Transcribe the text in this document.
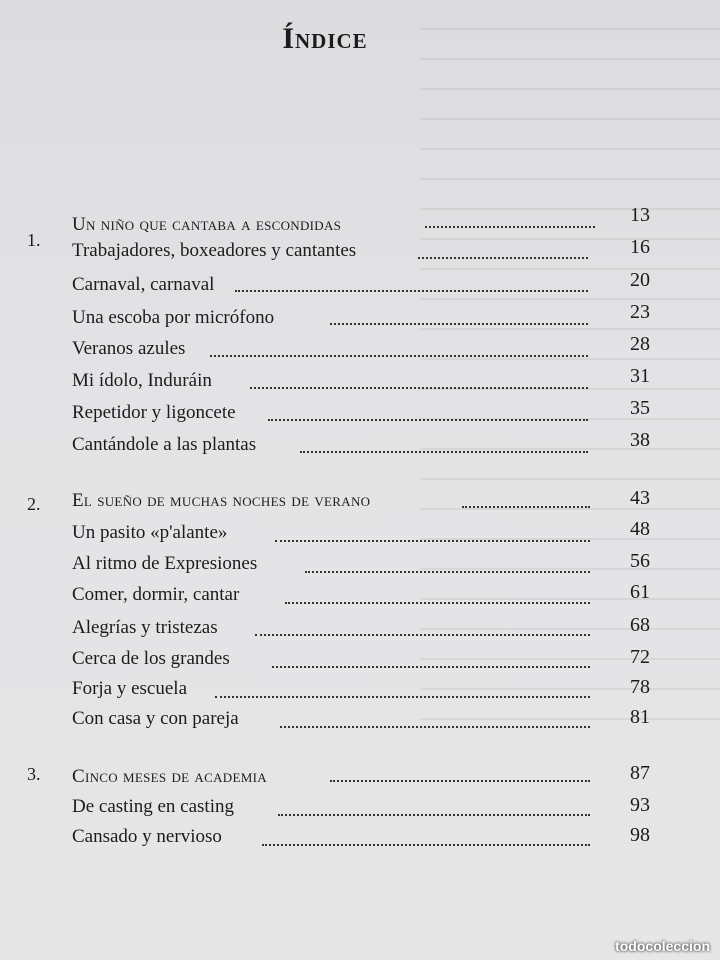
Índice
1.
Un niño que cantaba a escondidas	13
Trabajadores, boxeadores y cantantes	16
Carnaval, carnaval	20
Una escoba por micrófono	23
Veranos azules	28
Mi ídolo, Induráin	31
Repetidor y ligoncete	35
Cantándole a las plantas	38
2. El sueño de muchas noches de verano	43
Un pasito «p'alante»	48
Al ritmo de Expresiones	56
Comer, dormir, cantar	61
Alegrías y tristezas	68
Cerca de los grandes	72
Forja y escuela	78
Con casa y con pareja	81
3. Cinco meses de academia	87
De casting en casting	93
Cansado y nervioso	98
todocoleccion
